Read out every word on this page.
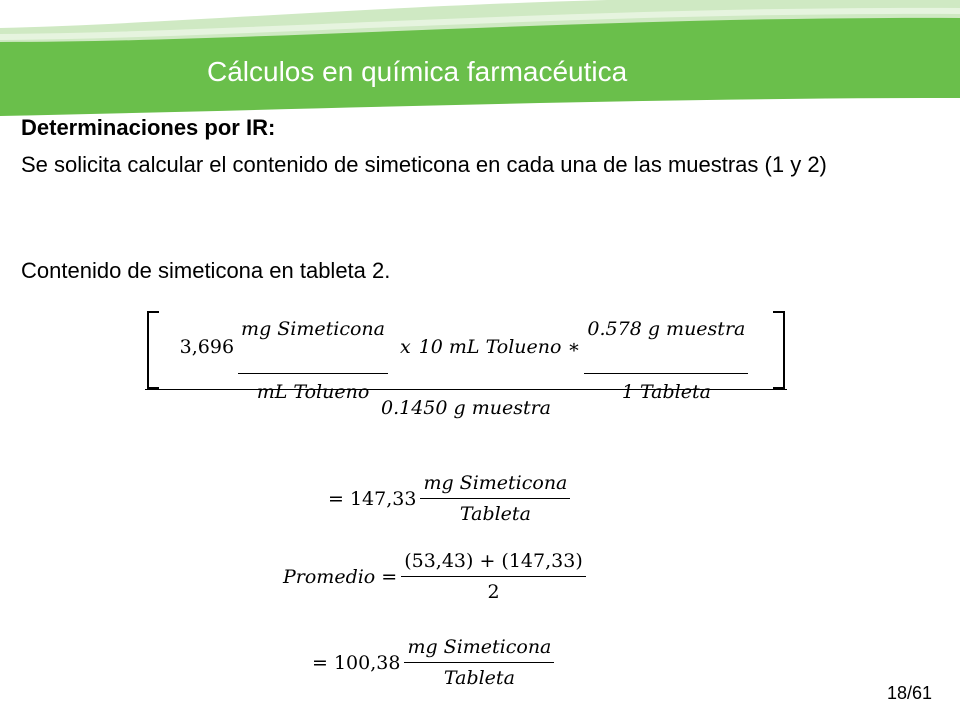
Cálculos en química farmacéutica
Determinaciones por IR:
Se solicita calcular el contenido de simeticona en cada una de las muestras (1 y 2)
Contenido de simeticona en tableta 2.
$3,696 \frac{\text{mg Simeticona}}{\text{mL Tolueno}}$ x 10 mL Tolueno ∗ $\frac{\text{0.578 g muestra}}{\text{1 Tableta}}$
0.1450 g muestra
= $147,33 \frac{\text{mg Simeticona}}{\text{Tableta}}$
Promedio = $\frac{(53,43) + (147,33)}{2}$
= $100,38 \frac{\text{mg Simeticona}}{\text{Tableta}}$
18/61
